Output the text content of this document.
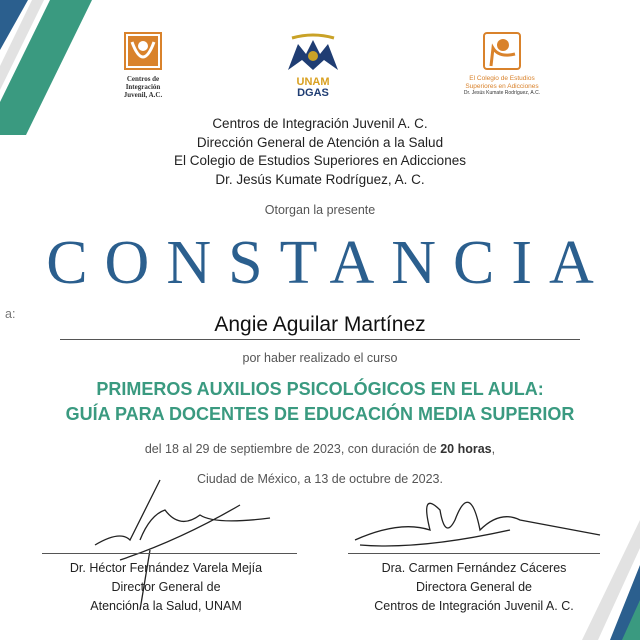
Centros de
Integración
Juvenil, A.C.
UNAM
DGAS
El Colegio de Estudios
Superiores en Adicciones
Dr. Jesús Kumate Rodríguez, A.C.
Centros de Integración Juvenil A. C.
Dirección General de Atención a la Salud
El Colegio de Estudios Superiores en Adicciones
Dr. Jesús Kumate Rodríguez, A. C.
Otorgan la presente
CONSTANCIA
a:	Angie Aguilar Martínez
por haber realizado el curso
PRIMEROS AUXILIOS PSICOLÓGICOS EN EL AULA:
GUÍA PARA DOCENTES DE EDUCACIÓN MEDIA SUPERIOR
del 18 al 29 de septiembre de 2023, con duración de 20 horas,
Ciudad de México, a 13 de octubre de 2023.
Dr. Héctor Fernández Varela Mejía
Director General de
Atención a la Salud, UNAM
Dra. Carmen Fernández Cáceres
Directora General de
Centros de Integración Juvenil A. C.
